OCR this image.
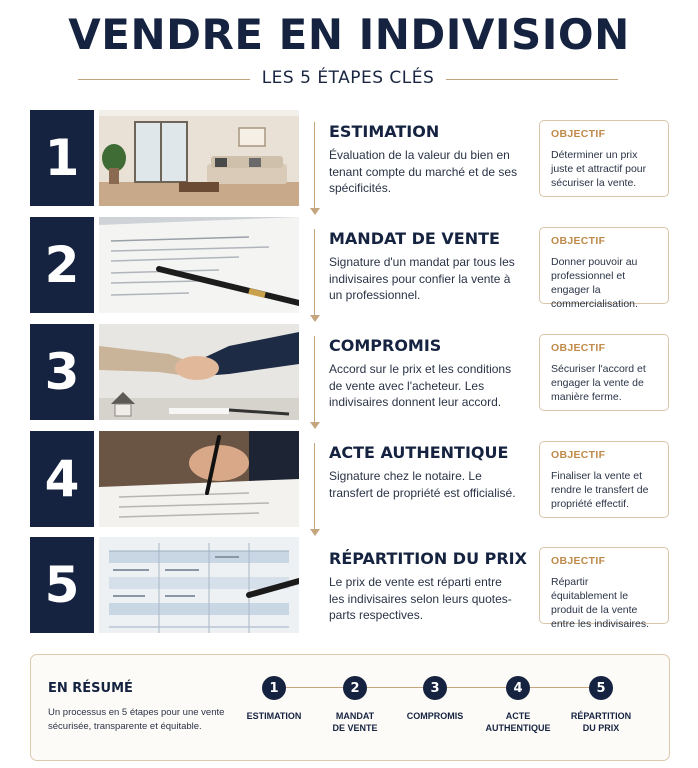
VENDRE EN INDIVISION
LES 5 ÉTAPES CLÉS
1	ESTIMATION
Évaluation de la valeur du bien en tenant compte du marché et de ses spécificités.
OBJECTIF
Déterminer un prix juste et attractif pour sécuriser la vente.
2	MANDAT DE VENTE
Signature d'un mandat par tous les indivisaires pour confier la vente à un professionnel.
OBJECTIF
Donner pouvoir au professionnel et engager la commercialisation.
3	COMPROMIS
Accord sur le prix et les conditions de vente avec l'acheteur. Les indivisaires donnent leur accord.
OBJECTIF
Sécuriser l'accord et engager la vente de manière ferme.
4	ACTE AUTHENTIQUE
Signature chez le notaire. Le transfert de propriété est officialisé.
OBJECTIF
Finaliser la vente et rendre le transfert de propriété effectif.
5	RÉPARTITION DU PRIX
Le prix de vente est réparti entre les indivisaires selon leurs quotes-parts respectives.
OBJECTIF
Répartir équitablement le produit de la vente entre les indivisaires.
EN RÉSUMÉ
Un processus en 5 étapes pour une vente sécurisée, transparente et équitable.
1
ESTIMATION
2
MANDAT
DE VENTE
3
COMPROMIS
4
ACTE
AUTHENTIQUE
5
RÉPARTITION
DU PRIX
